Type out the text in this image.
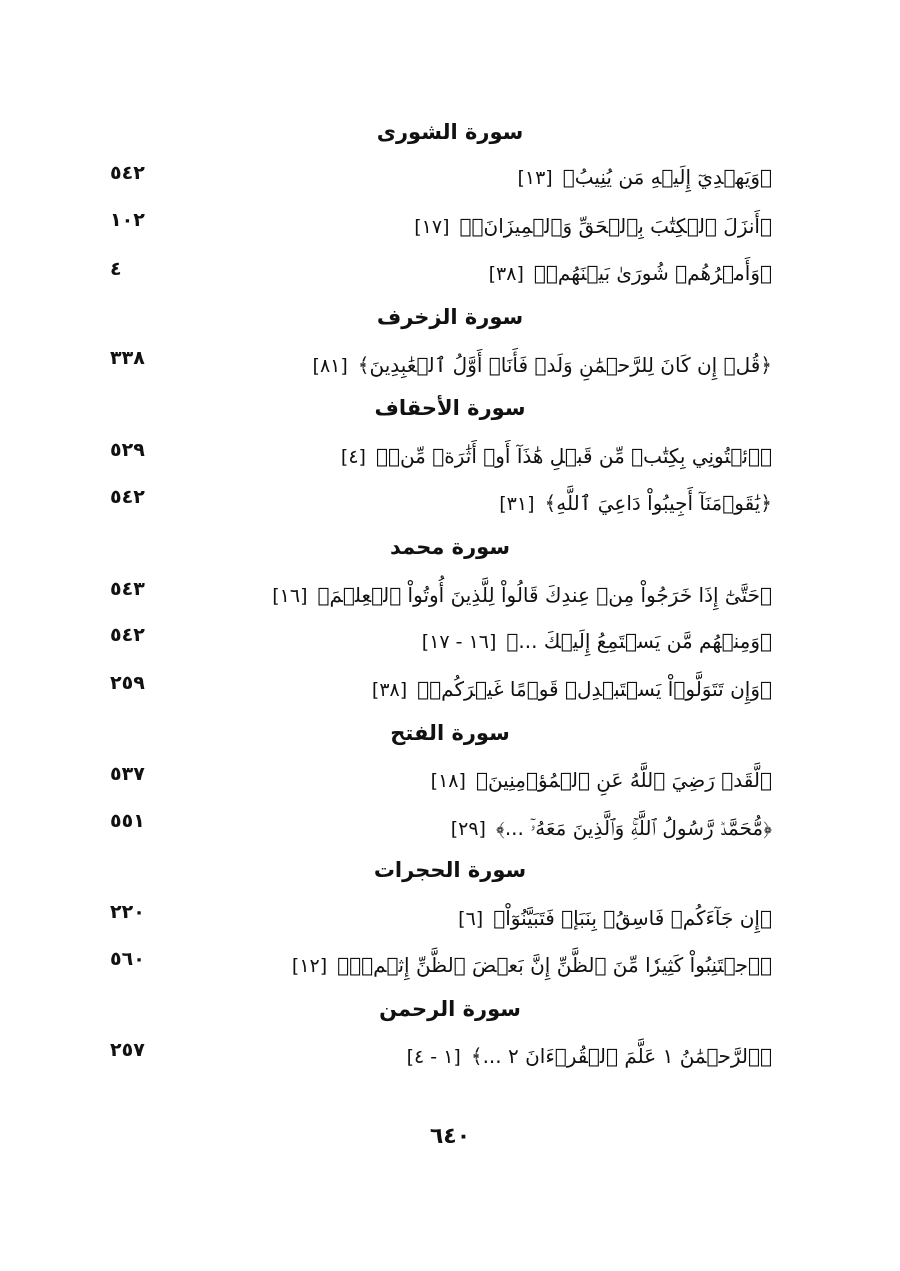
سورة الشورى
﴿وَيَهۡدِيٓ إِلَيۡهِ مَن يُنِيبُ﴾[١٣]
٥٤٢
﴿أَنزَلَ ٱلۡكِتَٰبَ بِٱلۡحَقِّ وَٱلۡمِيزَانَۗ﴾[١٧]
١٠٢
﴿وَأَمۡرُهُمۡ شُورَىٰ بَيۡنَهُمۡ﴾[٣٨]
٤
سورة الزخرف
﴿قُلۡ إِن كَانَ لِلرَّحۡمَٰنِ وَلَدٞ فَأَنَا۠ أَوَّلُ ٱلۡعَٰبِدِينَ﴾[٨١]
٣٣٨
سورة الأحقاف
﴿ٱئۡتُونِي بِكِتَٰبٖ مِّن قَبۡلِ هَٰذَآ أَوۡ أَثَٰرَةٖ مِّنۡ﴾[٤]
٥٢٩
﴿يَٰقَوۡمَنَآ أَجِيبُواْ دَاعِيَ ٱللَّهِ﴾[٣١]
٥٤٢
سورة محمد
﴿حَتَّىٰٓ إِذَا خَرَجُواْ مِنۡ عِندِكَ قَالُواْ لِلَّذِينَ أُوتُواْ ٱلۡعِلۡمَ﴾[١٦]
٥٤٣
﴿وَمِنۡهُم مَّن يَسۡتَمِعُ إِلَيۡكَ ...﴾[١٦ - ١٧]
٥٤٢
﴿وَإِن تَتَوَلَّوۡاْ يَسۡتَبۡدِلۡ قَوۡمًا غَيۡرَكُمۡ﴾[٣٨]
٢٥٩
سورة الفتح
﴿لَّقَدۡ رَضِيَ ٱللَّهُ عَنِ ٱلۡمُؤۡمِنِينَ﴾[١٨]
٥٣٧
﴿مُّحَمَّدٞ رَّسُولُ ٱللَّهِۚ وَٱلَّذِينَ مَعَهُۥٓ ...﴾[٢٩]
٥٥١
سورة الحجرات
﴿إِن جَآءَكُمۡ فَاسِقُۢ بِنَبَإٖ فَتَبَيَّنُوٓاْ﴾[٦]
٢٢٠
﴿ٱجۡتَنِبُواْ كَثِيرٗا مِّنَ ٱلظَّنِّ إِنَّ بَعۡضَ ٱلظَّنِّ إِثۡمٞۖ﴾[١٢]
٥٦٠
سورة الرحمن
﴿ٱلرَّحۡمَٰنُ ١ عَلَّمَ ٱلۡقُرۡءَانَ ٢ ...﴾[١ - ٤]
٢٥٧
٦٤٠
